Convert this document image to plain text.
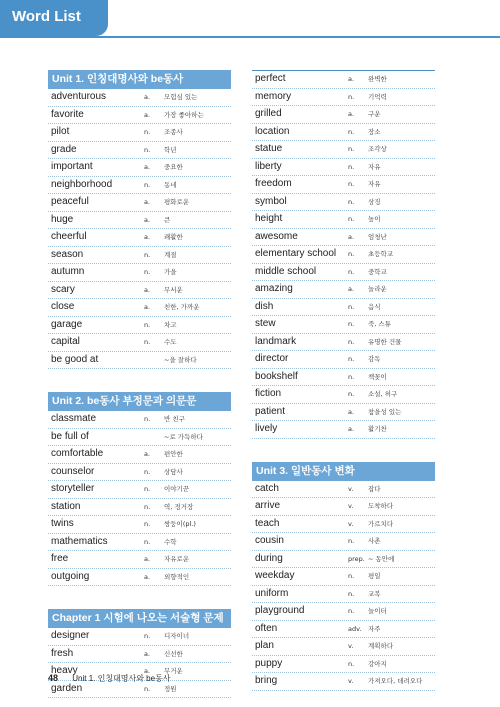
Word List
Unit 1. 인칭대명사와 be동사
adventurous	a. 모험심 있는
favorite	a. 가장 좋아하는
pilot	n. 조종사
grade	n. 학년
important	a. 중요한
neighborhood	n. 동네
peaceful	a. 평화로운
huge	a. 큰
cheerful	a. 쾌활한
season	n. 계절
autumn	n. 가을
scary	a. 무서운
close	a. 친한, 가까운
garage	n. 차고
capital	n. 수도
be good at	~을 잘하다
Unit 2. be동사 부정문과 의문문
classmate	n. 반 친구
be full of	~로 가득하다
comfortable	a. 편안한
counselor	n. 상담사
storyteller	n. 이야기꾼
station	n. 역, 정거장
twins	n. 쌍둥이(pl.)
mathematics	n. 수학
free	a. 자유로운
outgoing	a. 외향적인
Chapter 1 시험에 나오는 서술형 문제
designer	n. 디자이너
fresh	a. 신선한
heavy	a. 무거운
garden	n. 정원
perfect	a. 완벽한
memory	n. 기억력
grilled	a. 구운
location	n. 장소
statue	n. 조각상
liberty	n. 자유
freedom	n. 자유
symbol	n. 상징
height	n. 높이
awesome	a. 엄청난
elementary school n. 초등학교
middle school	n. 중학교
amazing	a. 놀라운
dish	n. 음식
stew	n. 죽, 스튜
landmark	n. 유명한 건물
director	n. 감독
bookshelf	n. 책꽂이
fiction	n. 소설, 허구
patient	a. 참을성 있는
lively	a. 활기찬
Unit 3. 일반동사 변화
catch	v. 잡다
arrive	v. 도착하다
teach	v. 가르치다
cousin	n. 사촌
during	prep. ~ 동안에
weekday	n. 평일
uniform	n. 교복
playground	n. 놀이터
often	adv. 자주
plan	v. 계획하다
puppy	n. 강아지
bring	v. 가져오다, 데려오다
48 Unit 1. 인칭대명사와 be동사
